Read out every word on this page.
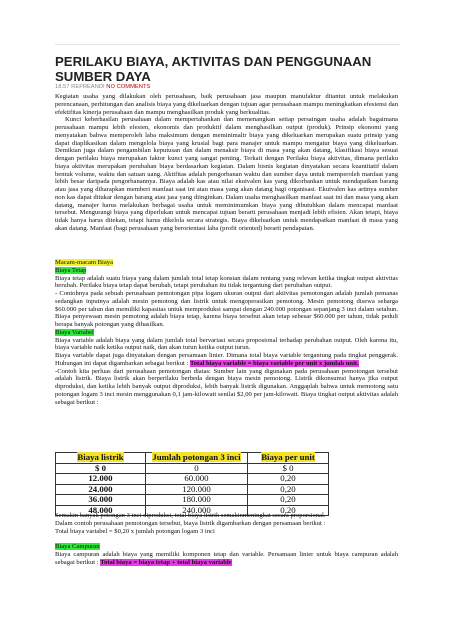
PERILAKU BIAYA, AKTIVITAS DAN PENGGUNAAN SUMBER DAYA
18.57 REFREANDI NO COMMENTS

Kegiatan usaha yang dilakukan oleh perusahaan, baik perusahaan jasa maupun manufaktur ditantut untuk melakukan perencanaan, perhitungan dan analisis biaya yang dikeluarkan dengan tujuan agar perusahaan mampu meningkatkan efesiensi dan efektifitas kinerja perusahaan dan mampu menghasilkan produk yang berkualitas.

Kunci keberhasilan perusahaan dalam mempertahankan dan memenangkan setiap persaingan usaha adalah bagaimana perusahaan mampu lebih efesien, ekonomis dan produktif dalam menghasilkan output (produk). Prinsip ekonomi yang menyatakan bahwa memperoleh laba maksimum dengan meminimalir biaya yang dikeluarkan merupakan suatu prinsip yang dapat diaplikasikan dalam mengelola biaya yang krusial bagi para manajer untuk mampu mengatur biaya yang dikeluarkan. Demikian juga dalam pengambilan keputusan dan dalam menaksir biaya di masa yang akan datang, klasifikasi biaya sesuai dengan perilaku biaya merupakan faktor kunci yang sangat penting. Terkait dengan Perilaku biaya aktivitas, dimana perilaku biaya aktivitas merupakan perubahan biaya berdasarkan kegiatan. Dalam bisnis kegiatan dinyatakan secara kuantitatif dalam bentuk volume, waktu dan satuan uang. Aktifitas adalah pengorbanan waktu dan sumber daya untuk memperoleh manfaat yang lebih besar daripada pengorbanannya. Biaya adalah kas atau nilai ekuivalen kas yang dikorbankan untuk mendapatkan barang atau jasa yang diharapkan memberi manfaat saat ini atau masa yang akan datang bagi organisasi. Ekuivalen kas artinya sumber non kas dapat ditukar dengan barang atau jasa yang diinginkan. Dalam usaha menghasilkan manfaat saat ini dan masa yang akan datang, manajer harus melakukan berbagai usaha untuk meminimumkan biaya yang dibutuhkan dalam mencapai manfaat tersebut. Mengurangi biaya yang diperlukan untuk mencapai tujuan berarti perusahaan menjadi lebih efisien. Akan tetapi, biaya tidak hanya harus ditekan, tetapi harus dikelola secara strategis. Biaya dikeluarkan untuk mendapatkan manfaat di masa yang akan datang. Manfaat (bagi perusahaan yang berorientasi laba (profit oriented) berarti pendapatan.

Macam-macam Biaya

Biaya Tetap

Biaya tetap adalah suatu biaya yang dalam jumlah total tetap konstan dalam rentang yang relevan ketika tingkat output aktivitas berubah. Perilaku biaya tetap dapat berubah, tetapi perubahan itu tidak tergantung dari perubahan output.

- Contohnya pada sebuah perusahaan pemotongan pipa logam ukuran output dari aktivitas pemotongan adalah jumlah pemanas sedangkan inputnya adalah mesin pemotong dan listrik untuk mengoperasikan pemotong. Mesin pemotong disewa seharga $60.000 per tahun dan memiliki kapasitas untuk memproduksi sampai dengan 240.000 potongan sepanjang 3 inci dalam setahun. Biaya penyewaan mesin pemotong adalah biaya tetap, karena biaya tersebut akan tetap sebesar $60.000 per tahun, tidak peduli berapa banyak potongan yang dihasilkan.

Biaya Variabel

Biaya variable adalah biaya yang dalam jumlah total bervariasi secara proposional terhadap perubahan output. Oleh karena itu, biaya variable naik ketika output naik, dan akan turun ketika output turun.

Biaya variable dapat juga dinyatakan dengan persamaan linier. Dimana total biaya variable tergantung pada tingkat penggerak. Hubungan ini dapat digambarkan sebagai berikut : Total biaya variable = biaya variable per unit x jumlah unit.

-Contoh kita perluas dari perusahaan pemotongan diatas: Sumber lain yang digunakan pada perusahaan pemotongan tersebut adalah listrik. Biaya listrik akan berperilaku berbeda dengan biaya mesin pemotong. Listrik dikonsumsi hanya jika output diproduksi, dan ketika lebih banyak output diproduksi, lebih banyak listrik digunakan. Anggaplah bahwa untuk memotong satu potongan logam 3 inci mesin menggunakan 0,1 jam-kilowatt senilai $2,00 per jam-kilowatt. Biaya tingkat output aktivitas adalah sebagai berikut :

Biaya listrik	Jumlah potongan 3 inci	Biaya per unit
$ 0	0	$ 0
12.000	60.000	0,20
24.000	120.000	0,20
36.000	180.000	0,20
48.000	240.000	0,20

Semakin banyak potongan 3 inci diproduksi, total biaya listrik semakinmeningkat secara proporsional.

Dalam contoh perusahaan pemotongan tersebut, biaya listrik digambarkan dengan persamaan berikut :

Total biaya variabel = $0,20 x jumlah potongan logam 3 inci

Biaya Campuran

Biaya campuran adalah biaya yang memiliki komponen tetap dan variable. Persamaan linier untuk biaya campuran adalah sebagai berikut : Total biaya = biaya tetap + total biaya variable
